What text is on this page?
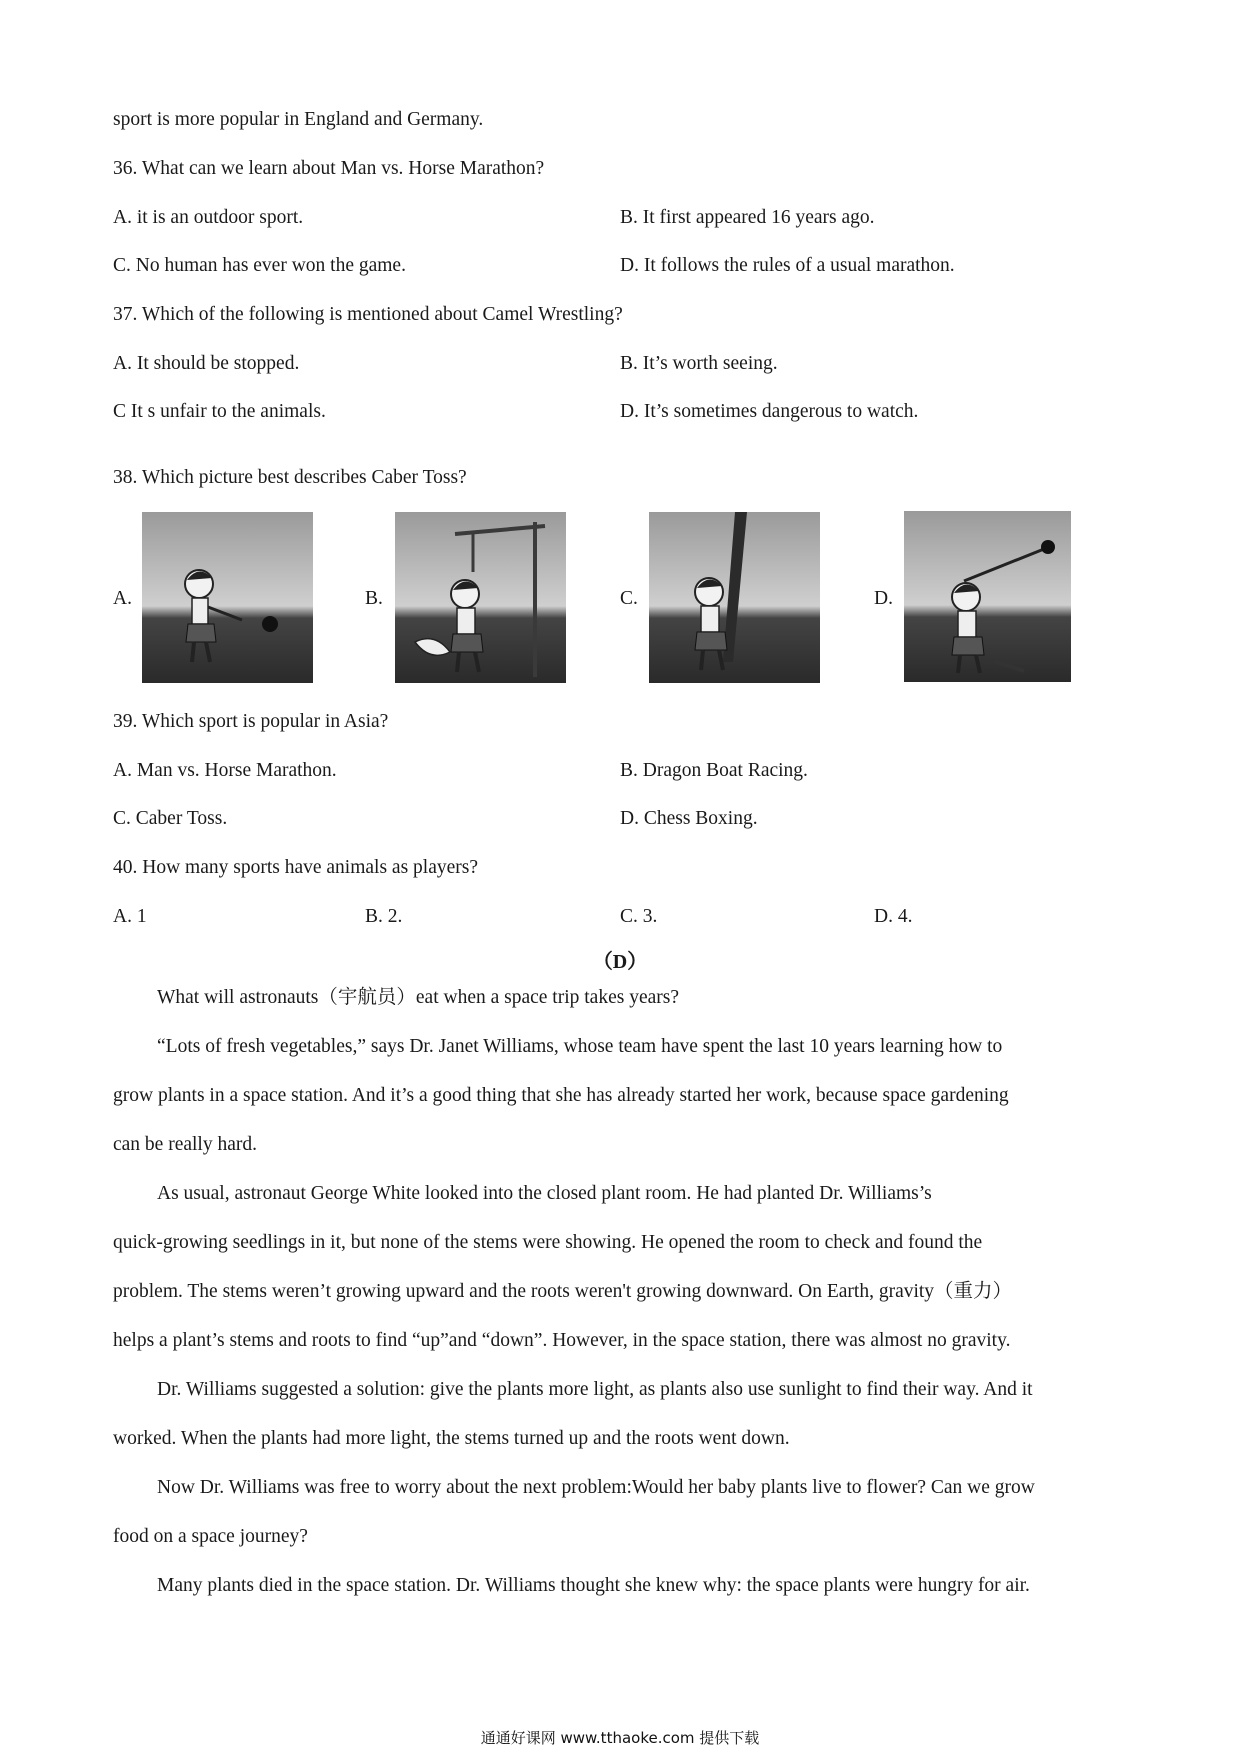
sport is more popular in England and Germany.
36. What can we learn about Man vs. Horse Marathon?
A. it is an outdoor sport.	B. It first appeared 16 years ago.
C. No human has ever won the game.	D. It follows the rules of a usual marathon.
37. Which of the following is mentioned about Camel Wrestling?
A. It should be stopped.	B. It’s worth seeing.
C It s unfair to the animals.	D. It’s sometimes dangerous to watch.
38. Which picture best describes Caber Toss?
A.	B.	C.	D.
39. Which sport is popular in Asia?
A. Man vs. Horse Marathon.	B. Dragon Boat Racing.
C. Caber Toss.	D. Chess Boxing.
40. How many sports have animals as players?
A. 1	B. 2.	C. 3.	D. 4.
（D）
What will astronauts（宇航员）eat when a space trip takes years?
“Lots of fresh vegetables,” says Dr. Janet Williams, whose team have spent the last 10 years learning how to
grow plants in a space station. And it’s a good thing that she has already started her work, because space gardening
can be really hard.
As usual, astronaut George White looked into the closed plant room. He had planted Dr. Williams’s
quick-growing seedlings in it, but none of the stems were showing. He opened the room to check and found the
problem. The stems weren’t growing upward and the roots weren't growing downward. On Earth, gravity（重力）
helps a plant’s stems and roots to find “up”and “down”. However, in the space station, there was almost no gravity.
Dr. Williams suggested a solution: give the plants more light, as plants also use sunlight to find their way. And it
worked. When the plants had more light, the stems turned up and the roots went down.
Now Dr. Williams was free to worry about the next problem:Would her baby plants live to flower? Can we grow
food on a space journey?
Many plants died in the space station. Dr. Williams thought she knew why: the space plants were hungry for air.
通通好课网 www.tthaoke.com 提供下载
